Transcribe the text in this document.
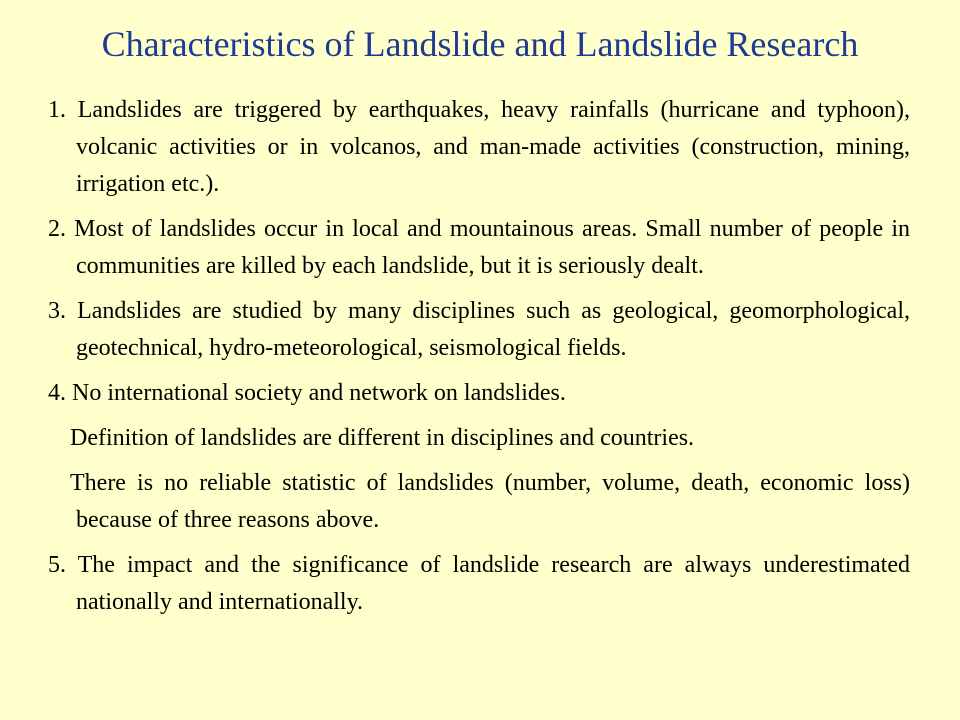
Characteristics of Landslide and Landslide Research

1. Landslides are triggered by earthquakes, heavy rainfalls (hurricane and typhoon), volcanic activities or in volcanos, and man-made activities (construction, mining, irrigation etc.).

2. Most of landslides occur in local and mountainous areas. Small number of people in communities are killed by each landslide, but it is seriously dealt.

3. Landslides are studied by many disciplines such as geological, geomorphological, geotechnical, hydro-meteorological, seismological fields.

4. No international society and network on landslides.

Definition of landslides are different in disciplines and countries.

There is no reliable statistic of landslides (number, volume, death, economic loss) because of three reasons above.

5. The impact and the significance of landslide research are always underestimated nationally and internationally.
